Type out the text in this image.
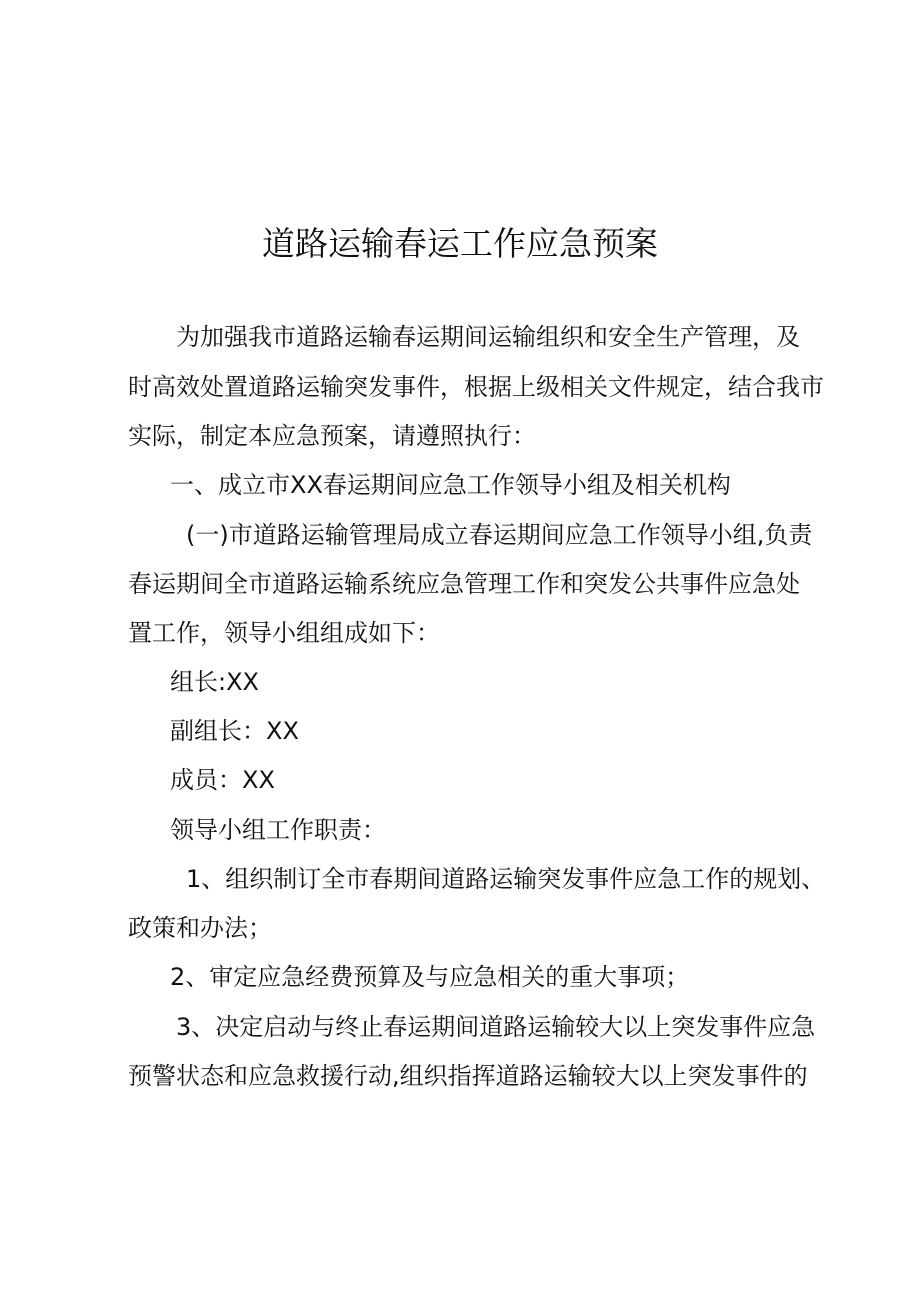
道路运输春运工作应急预案
为加强我市道路运输春运期间运输组织和安全生产管理，及
时高效处置道路运输突发事件，根据上级相关文件规定，结合我市
实际，制定本应急预案，请遵照执行：
一、成立市XX春运期间应急工作领导小组及相关机构
(一)市道路运输管理局成立春运期间应急工作领导小组,负责
春运期间全市道路运输系统应急管理工作和突发公共事件应急处
置工作，领导小组组成如下：
组长:XX
副组长：XX
成员：XX
领导小组工作职责：
1、组织制订全市春期间道路运输突发事件应急工作的规划、
政策和办法；
2、审定应急经费预算及与应急相关的重大事项；
3、决定启动与终止春运期间道路运输较大以上突发事件应急
预警状态和应急救援行动,组织指挥道路运输较大以上突发事件的
